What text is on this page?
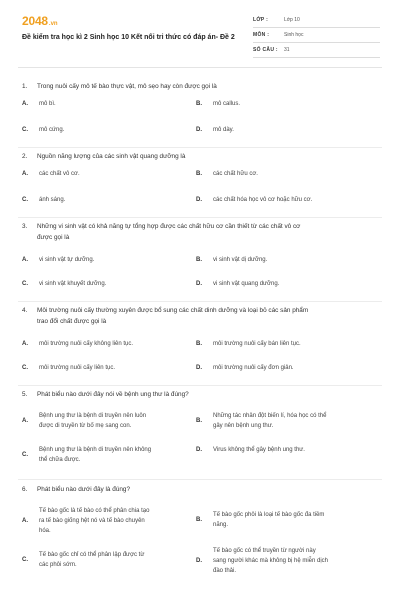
2048 .vn
Đề kiểm tra học kì 2 Sinh học 10 Kết nối tri thức có đáp án- Đề 2
LỚP :	Lớp 10
MÔN :	Sinh học
SỐ CÂU : 31
1. Trong nuôi cấy mô tế bào thực vật, mô sẹo hay còn được gọi là
A. mô bì.	B. mô callus.
C. mô cứng.	D. mô dày.
2. Nguồn năng lượng của các sinh vật quang dưỡng là
A. các chất vô cơ.	B. các chất hữu cơ.
C. ánh sáng.	D. các chất hóa học vô cơ hoặc hữu cơ.
3. Những vi sinh vật có khả năng tự tổng hợp được các chất hữu cơ cần thiết từ các chất vô cơ
được gọi là
A. vi sinh vật tự dưỡng.	B. vi sinh vật dị dưỡng.
C. vi sinh vật khuyết dưỡng.	D. vi sinh vật quang dưỡng.
4. Môi trường nuôi cấy thường xuyên được bổ sung các chất dinh dưỡng và loại bỏ các sản phẩm
trao đổi chất được gọi là
A. môi trường nuôi cấy không liên tục.	B. môi trường nuôi cấy bán liên tục.
C. môi trường nuôi cấy liên tục.	D. môi trường nuôi cấy đơn giản.
5. Phát biểu nào dưới đây nói về bệnh ung thư là đúng?
A.
Bệnh ung thư là bệnh di truyền nên luôn
được di truyền từ bố mẹ sang con.
B.
Những tác nhân đột biến lí, hóa học có thể
gây nên bệnh ung thư.
C.
Bệnh ung thư là bệnh di truyền nên không
thể chữa được.
D. Virus không thể gây bệnh ung thư.
6. Phát biểu nào dưới đây là đúng?
A.
Tế bào gốc là tế bào có thể phân chia tạo
ra tế bào giống hệt nó và tế bào chuyên
hóa.
B.
Tế bào gốc phôi là loại tế bào gốc đa tiềm
năng.
C.
Tế bào gốc chỉ có thể phân lập được từ
các phôi sớm.
D.
Tế bào gốc có thể truyền từ người này
sang người khác mà không bị hệ miễn dịch
đào thải.
